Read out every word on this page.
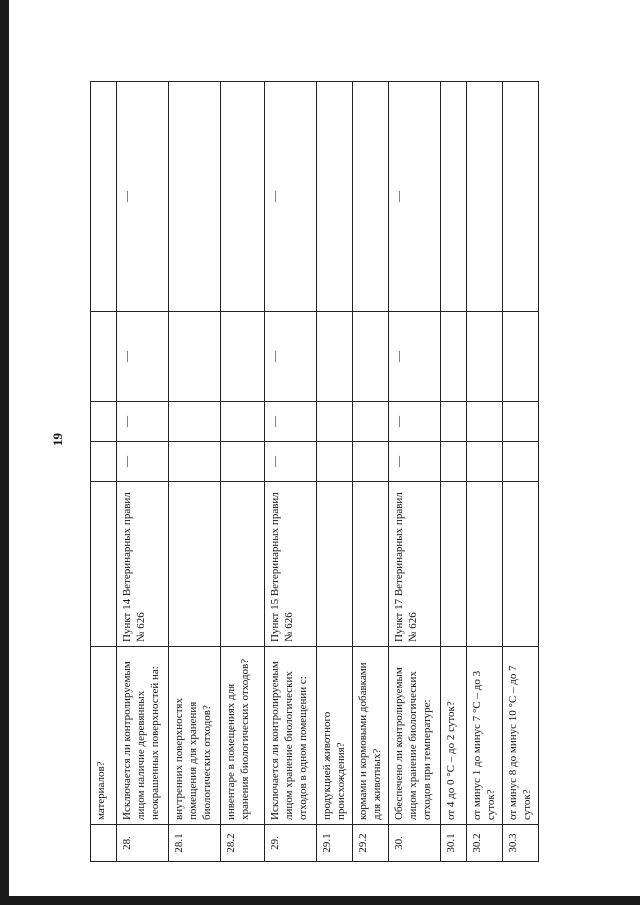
19
	материалов?					
28.	Исключается ли контролируемым лицом наличие деревянных неокрашенных поверхностей на:	Пункт 14 Ветеринарных правил № 626	—	—	—	—
28.1	внутренних поверхностях помещения для хранения биологических отходов?					
28.2	инвентаре в помещениях для хранения биологических отходов?					
29.	Исключается ли контролируемым лицом хранение биологических отходов в одном помещении с:	Пункт 15 Ветеринарных правил № 626	—	—	—	—
29.1	продукцией животного происхождения?					
29.2	кормами и кормовыми добавками для животных?					
30.	Обеспечено ли контролируемым лицом хранение биологических отходов при температуре:	Пункт 17 Ветеринарных правил № 626	—	—	—	—
30.1	от 4 до 0 °С – до 2 суток?					
30.2	от минус 1 до минус 7 °С – до 3 суток?					
30.3	от минус 8 до минус 10 °С – до 7 суток?					
